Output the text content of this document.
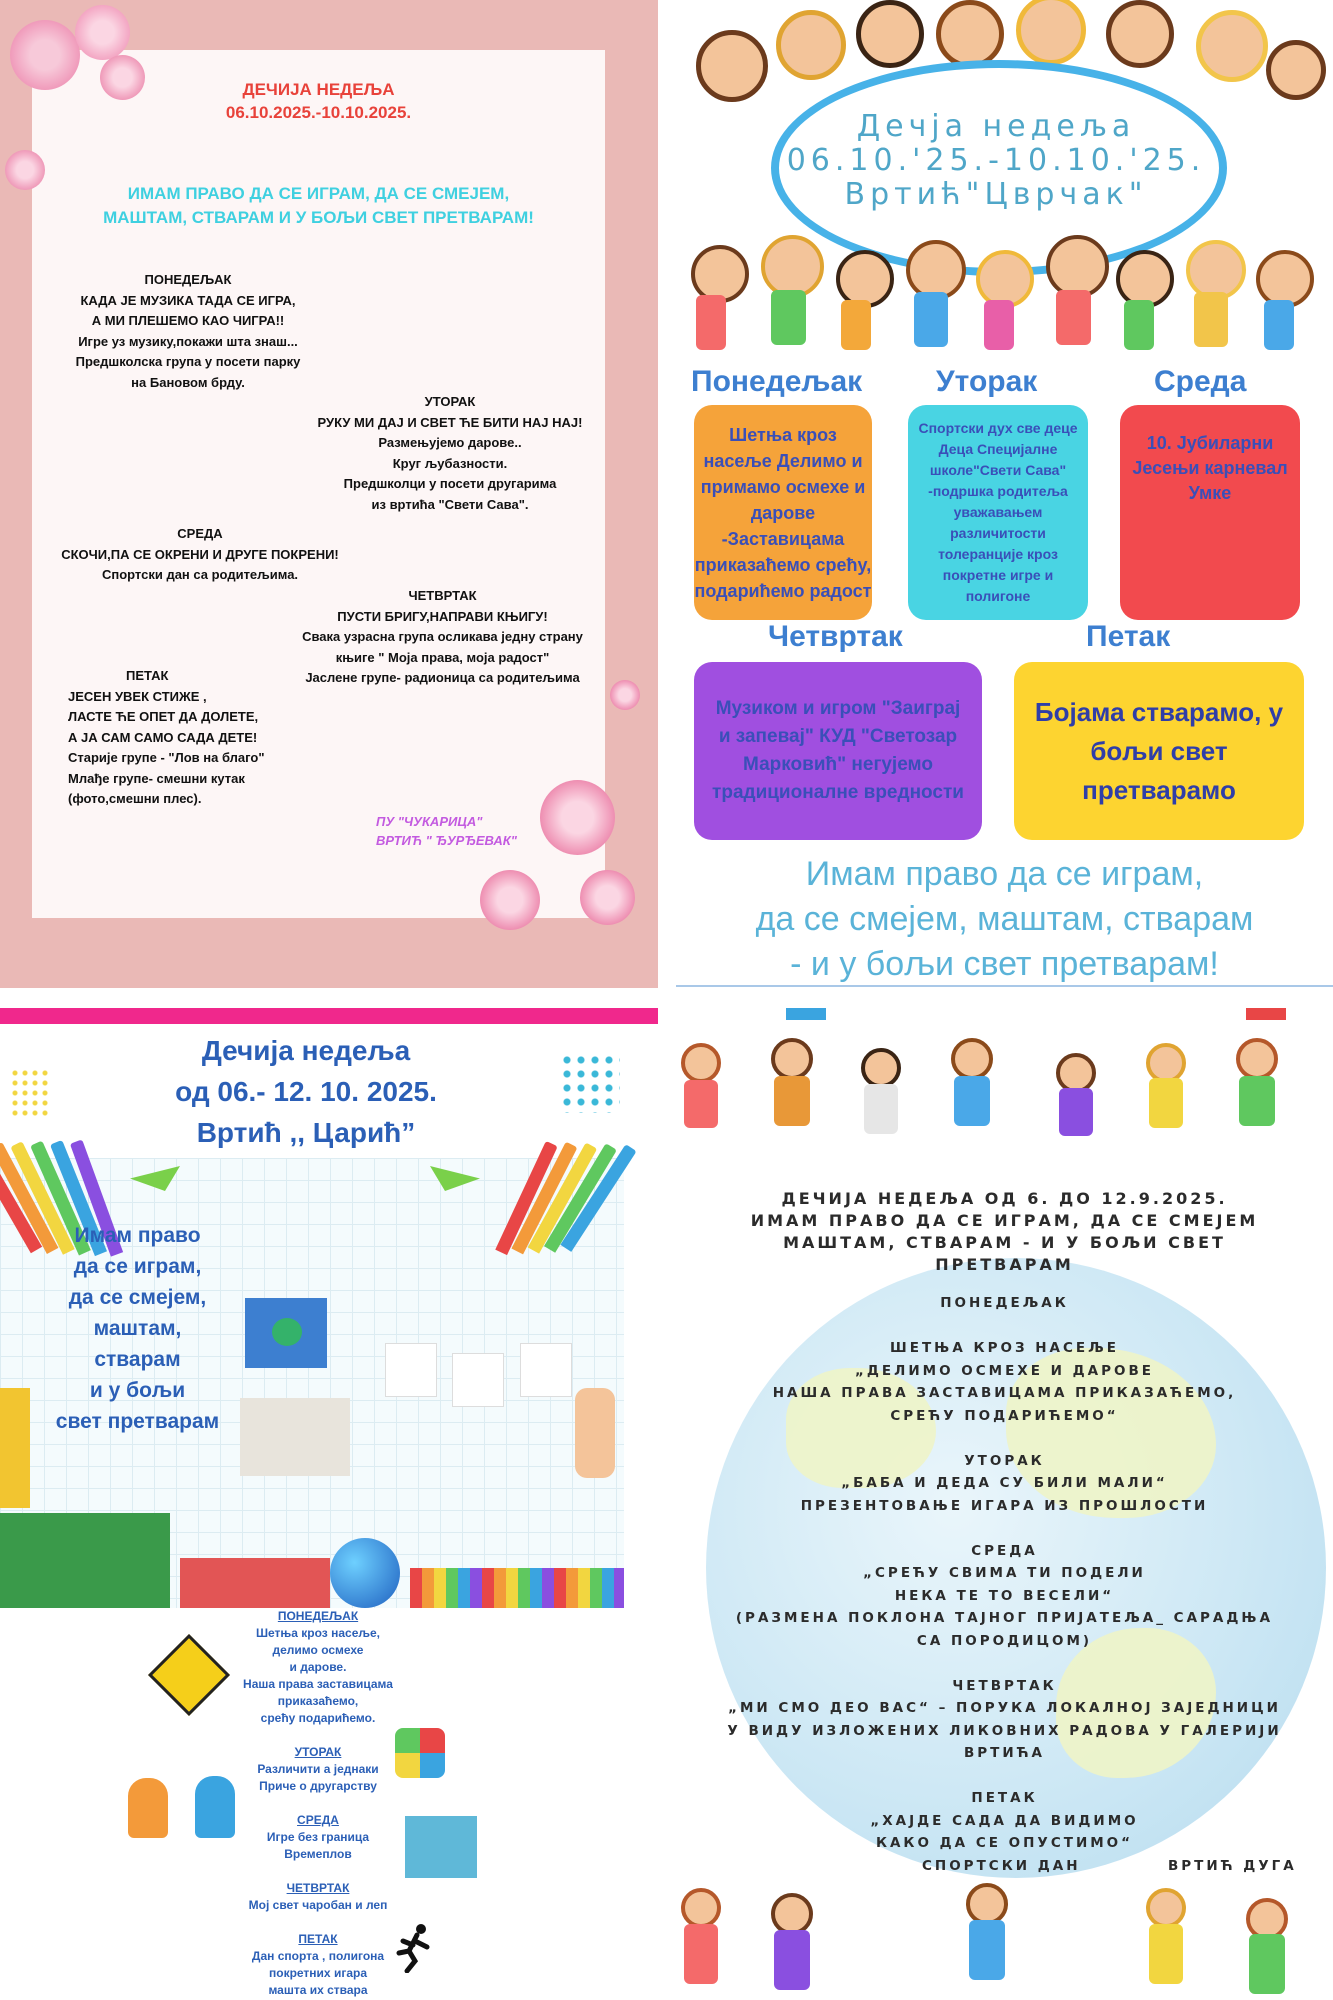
ДЕЧИЈА НЕДЕЉА
06.10.2025.-10.10.2025.
ИМАМ ПРАВО ДА СЕ ИГРАМ, ДА СЕ СМЕЈЕМ,
МАШТАМ, СТВАРАМ И У БОЉИ СВЕТ ПРЕТВАРАМ!
ПОНЕДЕЉАК
КАДА ЈЕ МУЗИКА ТАДА СЕ ИГРА,
А МИ ПЛЕШЕМО КАО ЧИГРА!!
Игре уз музику,покажи шта знаш...
Предшколска група у посети парку
на Бановом брду.
УТОРАК
РУКУ МИ ДАЈ И СВЕТ ЋЕ БИТИ НАЈ НАЈ!
Размењујемо дарове..
Круг љубазности.
Предшколци у посети другарима
из вртића "Свети Сава".
СРЕДА
СКОЧИ,ПА СЕ ОКРЕНИ И ДРУГЕ ПОКРЕНИ!
Спортски дан са родитељима.
ЧЕТВРТАК
ПУСТИ БРИГУ,НАПРАВИ КЊИГУ!
Свака узрасна група осликава једну страну
књиге " Моја права, моја радост"
Јаслене групе- радионица са родитељима
ПЕТАК
ЈЕСЕН УВЕК СТИЖЕ ,
ЛАСТЕ ЋЕ ОПЕТ ДА ДОЛЕТЕ,
А ЈА САМ САМО САДА ДЕТЕ!
Старије групе - "Лов на благо"
Млађе групе- смешни кутак
(фото,смешни плес).
ПУ "ЧУКАРИЦА"
ВРТИЋ " ЂУРЂЕВАК"
Дечја недеља
06.10.'25.-10.10.'25.
Вртић"Цврчак"
Понедељак Уторак	Среда
Шетња кроз насеље Делимо и примамо осмехе и дарове -Заставицама приказаћемо срећу, подарићемо радост
Спортски дух све деце Деца Специјалне школе"Свети Сава" -подршка родитеља уважавањем различитости толеранције кроз покретне игре и полигоне
10. Јубиларни Јесењи карневал Умке
Четвртак	Петак
Музиком и игром "Заиграј и запевај" КУД "Светозар Марковић" негујемо традиционалне вредности
Бојама стварамо, у бољи свет претварамо
Имам право да се играм,
да се смејем, маштам, стварам
- и у бољи свет претварам!
Дечија недеља
од 06.- 12. 10. 2025.
Вртић ,, Царић”
Имам право
да се играм,
да се смејем,
маштам,
стварам
и у бољи
свет претварам
ПОНЕДЕЉАК
Шетња кроз насеље,
делимо осмехе
и дарове.
Наша права заставицама
приказаћемо,
срећу подарићемо.
УТОРАК
Различити а једнаки
Приче о другарству
СРЕДА
Игре без граница
Времеплов
ЧЕТВРТАК
Мој свет чаробан и леп
ПЕТАК
Дан спорта , полигона
покретних игара
машта их ствара
ДЕЧИЈА НЕДЕЉА ОД 6. ДО 12.9.2025.
ИМАМ ПРАВО ДА СЕ ИГРАМ, ДА СЕ СМЕЈЕМ
МАШТАМ, СТВАРАМ - И У БОЉИ СВЕТ
ПРЕТВАРАМ
ПОНЕДЕЉАК
ШЕТЊА КРОЗ НАСЕЉЕ
„ДЕЛИМО ОСМЕХЕ И ДАРОВЕ
НАША ПРАВА ЗАСТАВИЦАМА ПРИКАЗАЋЕМО,
СРЕЋУ ПОДАРИЋЕМО“
УТОРАК
„БАБА И ДЕДА СУ БИЛИ МАЛИ“
ПРЕЗЕНТОВАЊЕ ИГАРА ИЗ ПРОШЛОСТИ
СРЕДА
„СРЕЋУ СВИМА ТИ ПОДЕЛИ
НЕКА ТЕ ТО ВЕСЕЛИ“
(РАЗМЕНА ПОКЛОНА ТАЈНОГ ПРИЈАТЕЉА_ САРАДЊА
СА ПОРОДИЦОМ)
ЧЕТВРТАК
„МИ СМО ДЕО ВАС“ – ПОРУКА ЛОКАЛНОЈ ЗАЈЕДНИЦИ
У ВИДУ ИЗЛОЖЕНИХ ЛИКОВНИХ РАДОВА У ГАЛЕРИЈИ
ВРТИЋА
ПЕТАК
„ХАЈДЕ САДА ДА ВИДИМО
КАКО ДА СЕ ОПУСТИМО“
СПОРТСКИ ДАН	ВРТИЋ ДУГА
